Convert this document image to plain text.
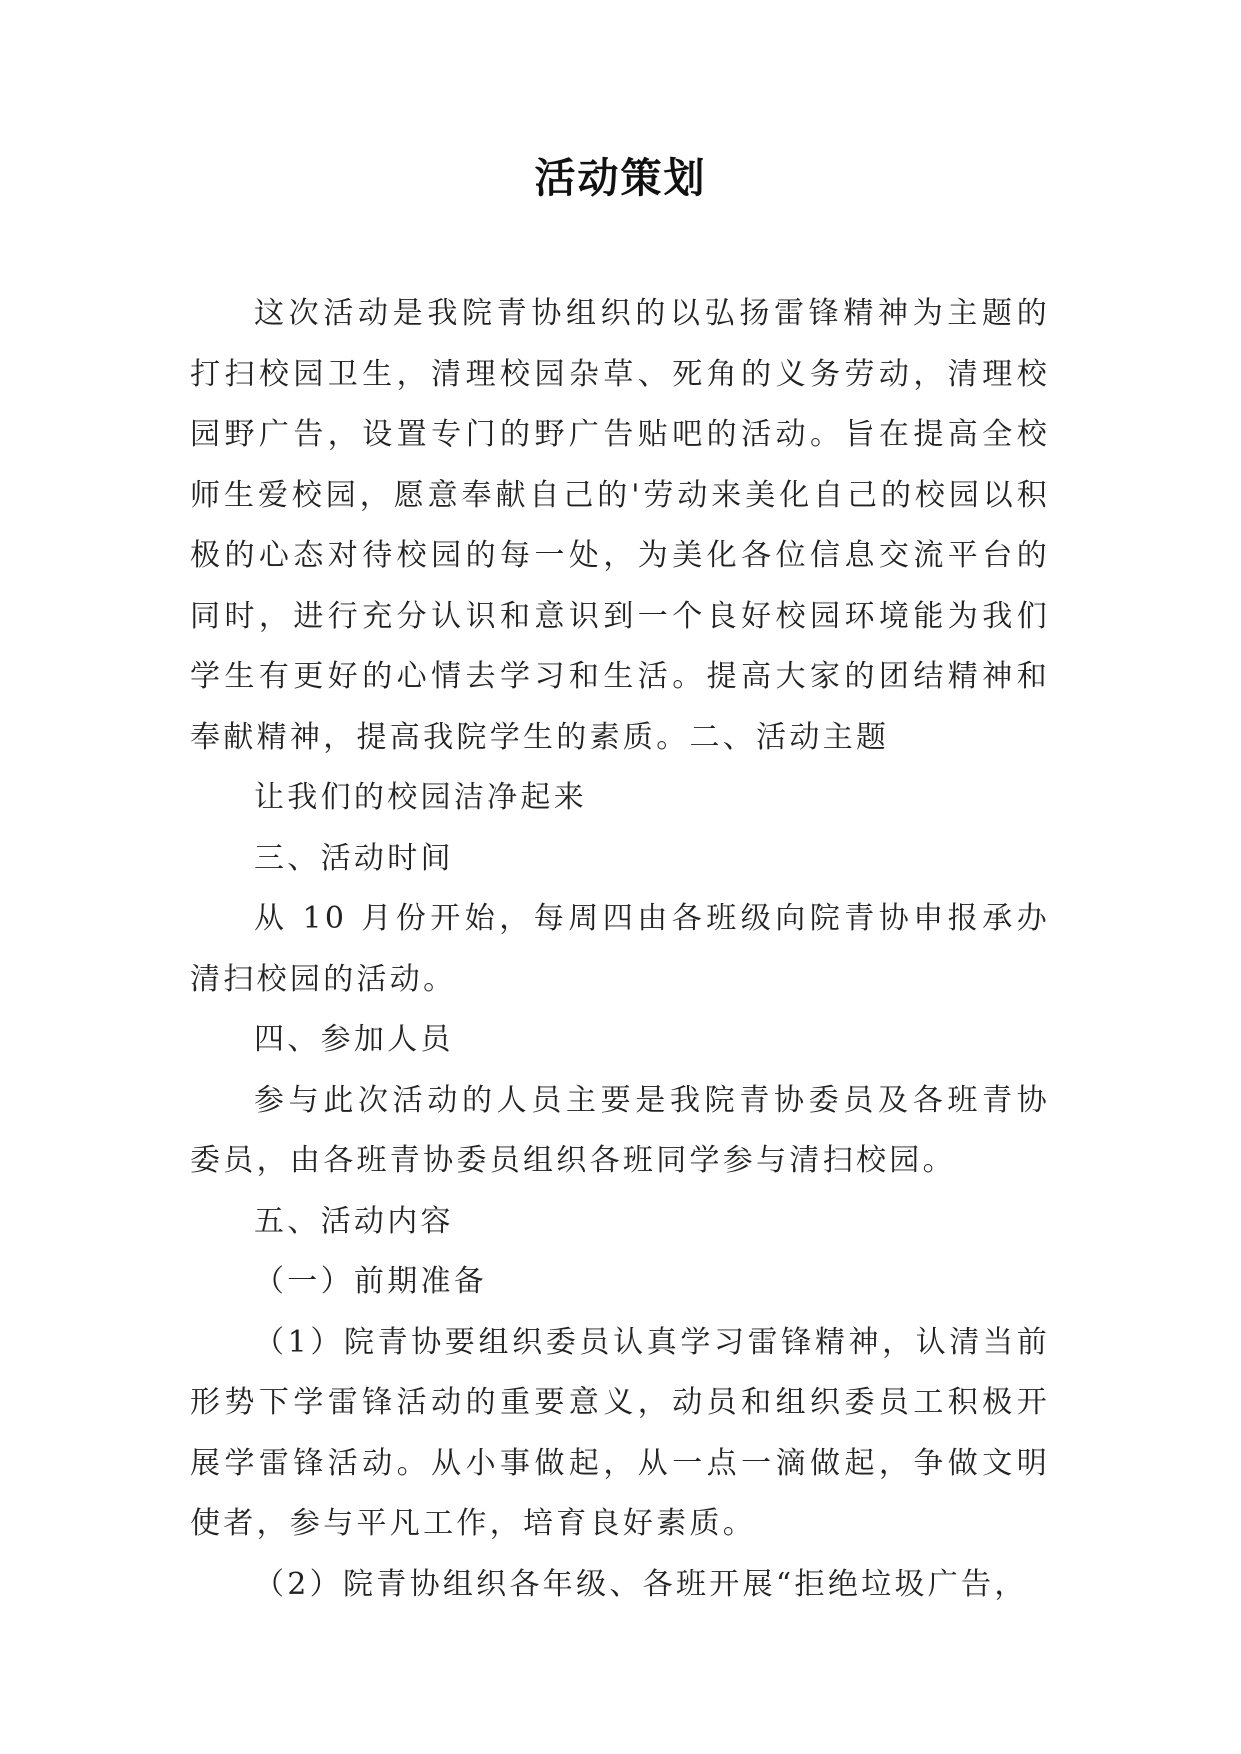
活动策划

这次活动是我院青协组织的以弘扬雷锋精神为主题的打扫校园卫生，清理校园杂草、死角的义务劳动，清理校园野广告，设置专门的野广告贴吧的活动。旨在提高全校师生爱校园，愿意奉献自己的'劳动来美化自己的校园以积极的心态对待校园的每一处，为美化各位信息交流平台的同时，进行充分认识和意识到一个良好校园环境能为我们学生有更好的心情去学习和生活。提高大家的团结精神和奉献精神，提高我院学生的素质。二、活动主题

让我们的校园洁净起来

三、活动时间

从 10 月份开始，每周四由各班级向院青协申报承办清扫校园的活动。

四、参加人员

参与此次活动的人员主要是我院青协委员及各班青协委员，由各班青协委员组织各班同学参与清扫校园。

五、活动内容

（一）前期准备

（1）院青协要组织委员认真学习雷锋精神，认清当前形势下学雷锋活动的重要意义，动员和组织委员工积极开展学雷锋活动。从小事做起，从一点一滴做起，争做文明使者，参与平凡工作，培育良好素质。

（2）院青协组织各年级、各班开展“拒绝垃圾广告，
